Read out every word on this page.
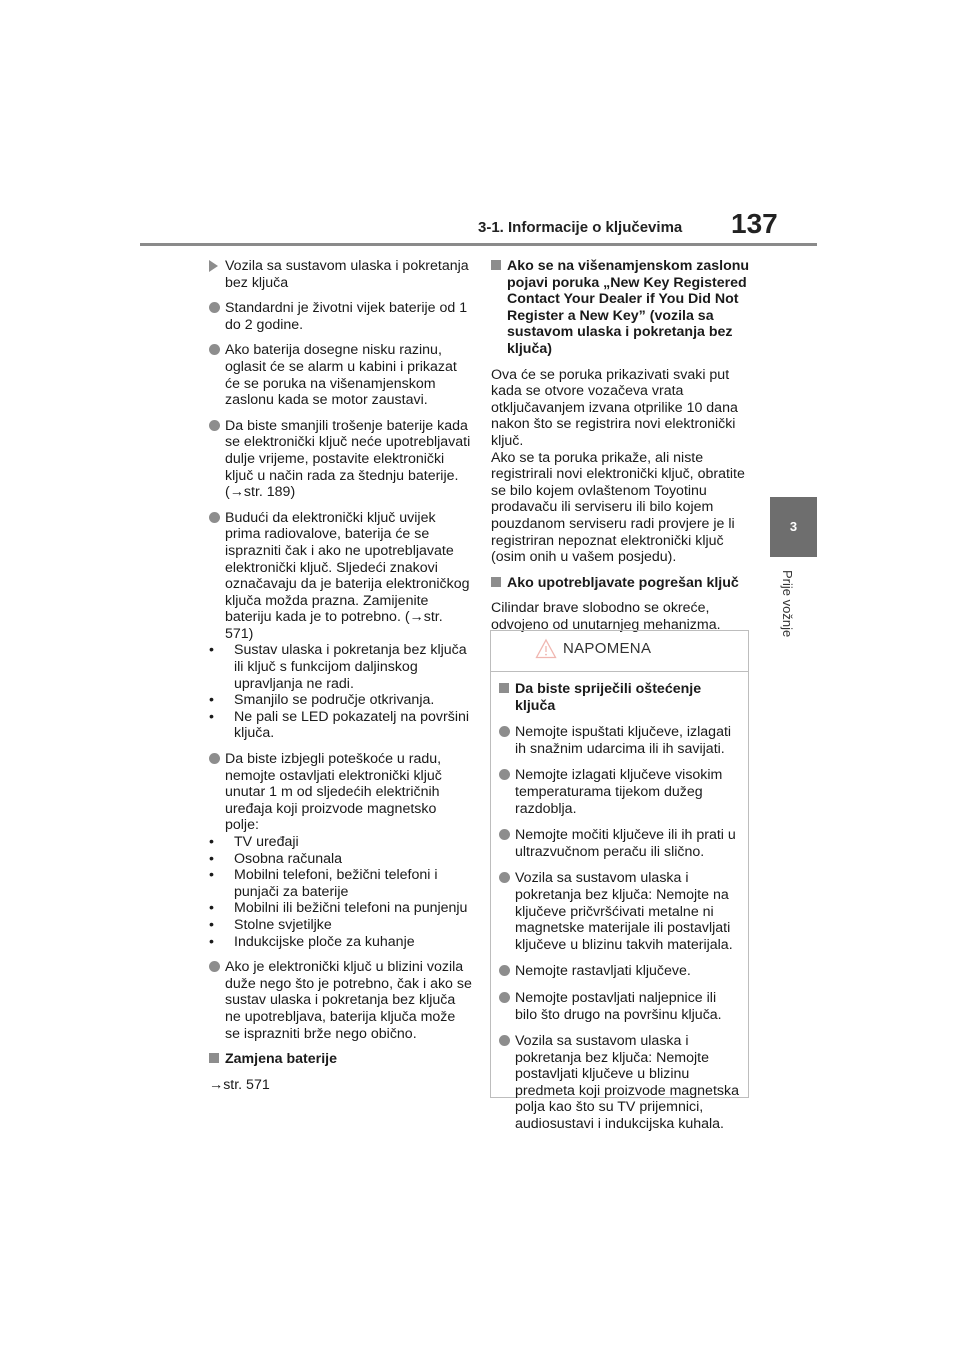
3-1. Informacije o ključevima 137
3
Prije vožnje
Vozila sa sustavom ulaska i pokretanja bez ključa
Standardni je životni vijek baterije od 1 do 2 godine.
Ako baterija dosegne nisku razinu, oglasit će se alarm u kabini i prikazat će se poruka na višenamjenskom zaslonu kada se motor zaustavi.
Da biste smanjili trošenje baterije kada se elektronički ključ neće upotrebljavati dulje vrijeme, postavite elektronički ključ u način rada za štednju baterije. (→str. 189)
Budući da elektronički ključ uvijek prima radiovalove, baterija će se isprazniti čak i ako ne upotrebljavate elektronički ključ. Sljedeći znakovi označavaju da je baterija elektroničkog ključa možda prazna. Zamijenite bateriju kada je to potrebno. (→str. 571)
• Sustav ulaska i pokretanja bez ključa ili ključ s funkcijom daljinskog upravljanja ne radi.
• Smanjilo se područje otkrivanja.
• Ne pali se LED pokazatelj na površini ključa.
Da biste izbjegli poteškoće u radu, nemojte ostavljati elektronički ključ unutar 1 m od sljedećih električnih uređaja koji proizvode magnetsko polje:
• TV uređaji
• Osobna računala
• Mobilni telefoni, bežični telefoni i punjači za baterije
• Mobilni ili bežični telefoni na punjenju
• Stolne svjetiljke
• Indukcijske ploče za kuhanje
Ako je elektronički ključ u blizini vozila duže nego što je potrebno, čak i ako se sustav ulaska i pokretanja bez ključa ne upotrebljava, baterija ključa može se isprazniti brže nego obično.
Zamjena baterije
→str. 571
Ako se na višenamjenskom zaslonu pojavi poruka „New Key Registered Contact Your Dealer if You Did Not Register a New Key” (vozila sa sustavom ulaska i pokretanja bez ključa)
Ova će se poruka prikazivati svaki put kada se otvore vozačeva vrata otključavanjem izvana otprilike 10 dana nakon što se registrira novi elektronički ključ.
Ako se ta poruka prikaže, ali niste registrirali novi elektronički ključ, obratite se bilo kojem ovlaštenom Toyotinu prodavaču ili serviseru ili bilo kojem pouzdanom serviseru radi provjere je li registriran nepoznat elektronički ključ (osim onih u vašem posjedu).
Ako upotrebljavate pogrešan ključ
Cilindar brave slobodno se okreće, odvojeno od unutarnjeg mehanizma.
NAPOMENA
Da biste spriječili oštećenje ključa
Nemojte ispuštati ključeve, izlagati ih snažnim udarcima ili ih savijati.
Nemojte izlagati ključeve visokim temperaturama tijekom dužeg razdoblja.
Nemojte močiti ključeve ili ih prati u ultrazvučnom peraču ili slično.
Vozila sa sustavom ulaska i pokretanja bez ključa: Nemojte na ključeve pričvršćivati metalne ni magnetske materijale ili postavljati ključeve u blizinu takvih materijala.
Nemojte rastavljati ključeve.
Nemojte postavljati naljepnice ili bilo što drugo na površinu ključa.
Vozila sa sustavom ulaska i pokretanja bez ključa: Nemojte postavljati ključeve u blizinu predmeta koji proizvode magnetska polja kao što su TV prijemnici, audiosustavi i indukcijska kuhala.
